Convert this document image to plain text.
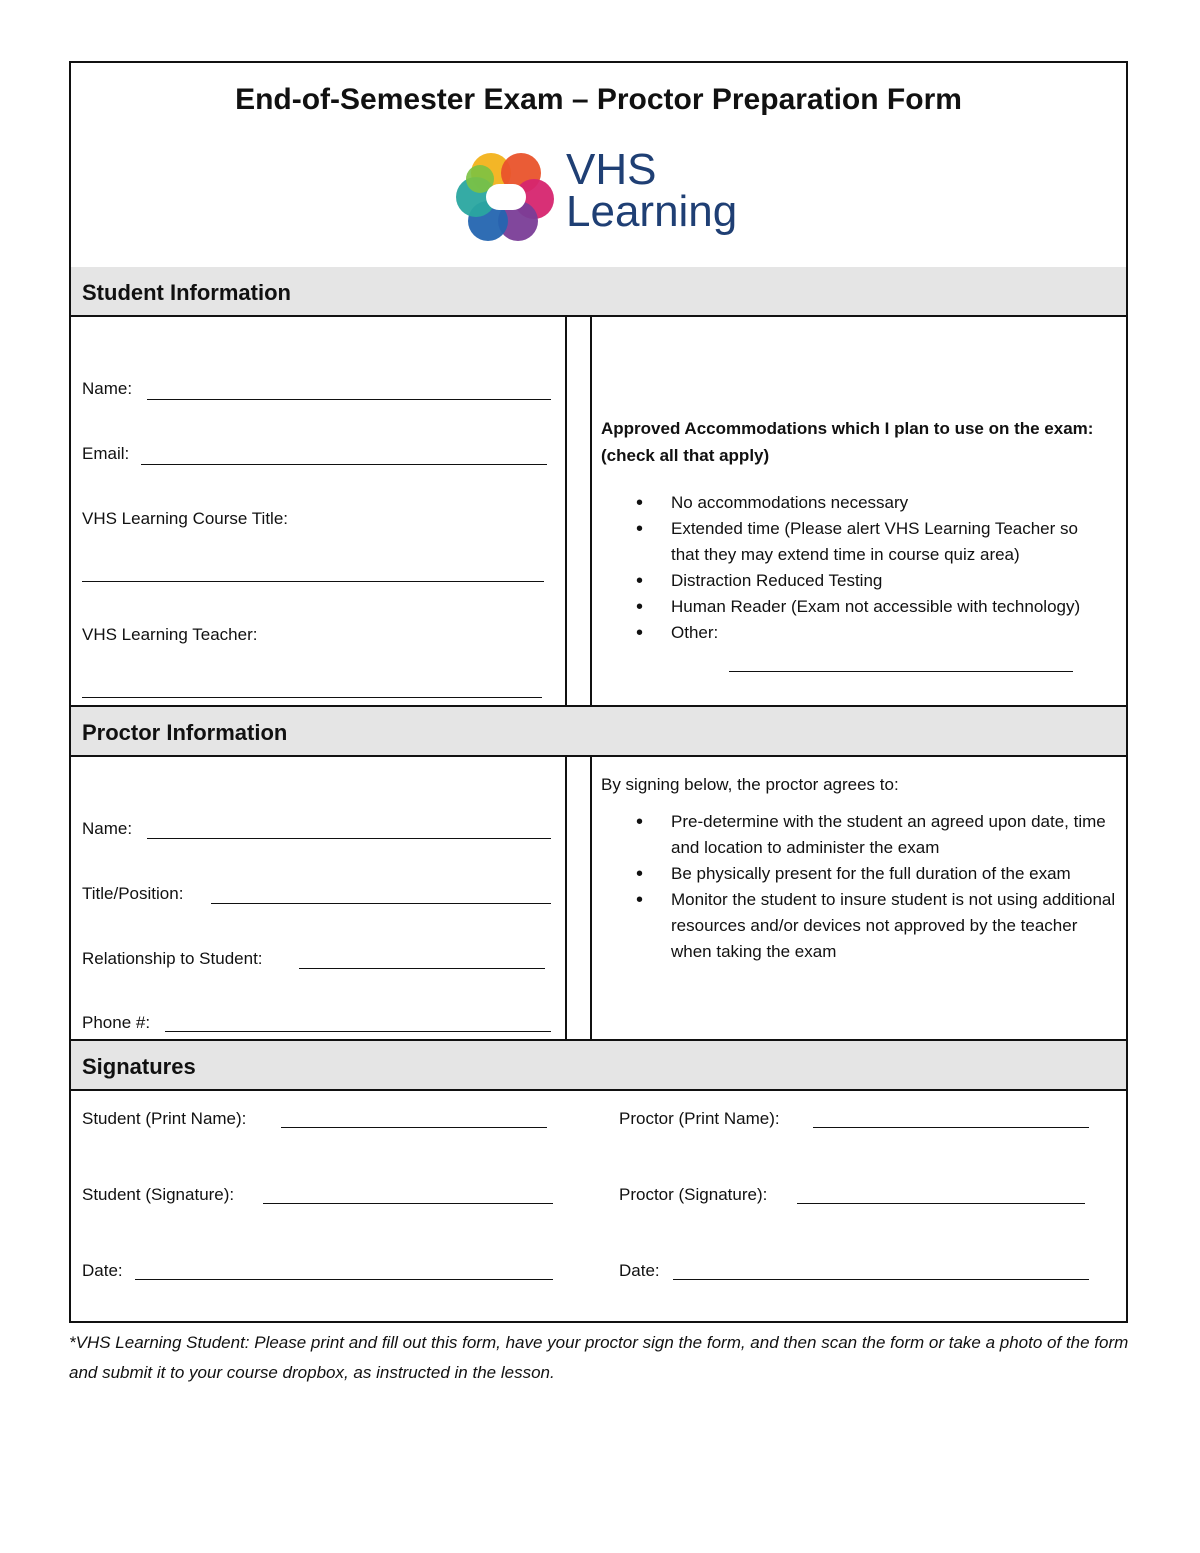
End-of-Semester Exam – Proctor Preparation Form
VHS
Learning
Student Information
Name:
Email:
VHS Learning Course Title:
VHS Learning Teacher:
Approved Accommodations which I plan to use on the exam: (check all that apply)
• No accommodations necessary
• Extended time (Please alert VHS Learning Teacher so that they may extend time in course quiz area)
• Distraction Reduced Testing
• Human Reader (Exam not accessible with technology)
• Other:
Proctor Information
Name:
Title/Position:
Relationship to Student:
Phone #:
By signing below, the proctor agrees to:
• Pre-determine with the student an agreed upon date, time and location to administer the exam
• Be physically present for the full duration of the exam
• Monitor the student to insure student is not using additional resources and/or devices not approved by the teacher when taking the exam
Signatures
Student (Print Name):
Student (Signature):
Date:
Proctor (Print Name):
Proctor (Signature):
Date:
*VHS Learning Student: Please print and fill out this form, have your proctor sign the form, and then scan the form or take a photo of the form and submit it to your course dropbox, as instructed in the lesson.
